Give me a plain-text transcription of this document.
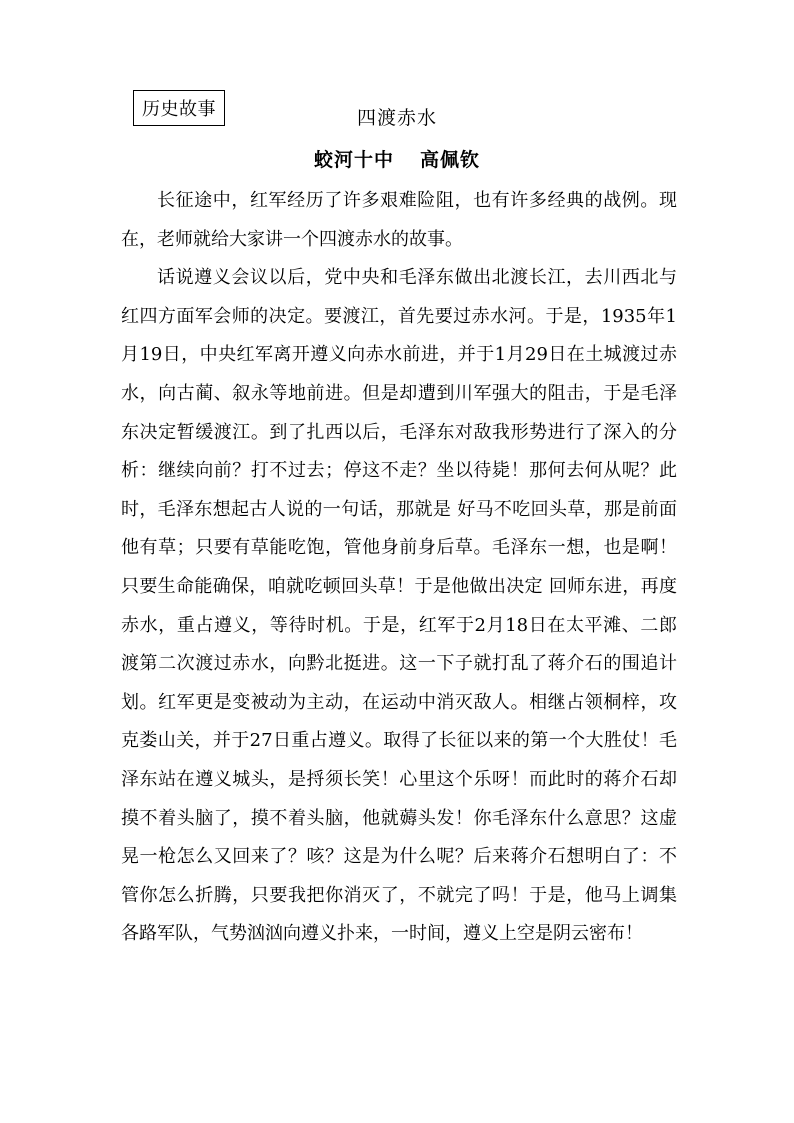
历史故事	四渡赤水
蛟河十中 高佩钦

长征途中，红军经历了许多艰难险阻，也有许多经典的战例。现在，老师就给大家讲一个四渡赤水的故事。

话说遵义会议以后，党中央和毛泽东做出北渡长江，去川西北与红四方面军会师的决定。要渡江，首先要过赤水河。于是，1935年1月19日，中央红军离开遵义向赤水前进，并于1月29日在土城渡过赤水，向古蔺、叙永等地前进。但是却遭到川军强大的阻击，于是毛泽东决定暂缓渡江。到了扎西以后，毛泽东对敌我形势进行了深入的分析：继续向前？打不过去；停这不走？坐以待毙！那何去何从呢？此时，毛泽东想起古人说的一句话，那就是 好马不吃回头草，那是前面他有草；只要有草能吃饱，管他身前身后草。毛泽东一想，也是啊！只要生命能确保，咱就吃顿回头草！于是他做出决定 回师东进，再度赤水，重占遵义，等待时机。于是，红军于2月18日在太平滩、二郎渡第二次渡过赤水，向黔北挺进。这一下子就打乱了蒋介石的围追计划。红军更是变被动为主动，在运动中消灭敌人。相继占领桐梓，攻克娄山关，并于27日重占遵义。取得了长征以来的第一个大胜仗！毛泽东站在遵义城头，是捋须长笑！心里这个乐呀！而此时的蒋介石却摸不着头脑了，摸不着头脑，他就薅头发！你毛泽东什么意思？这虚晃一枪怎么又回来了？咳？这是为什么呢？后来蒋介石想明白了：不管你怎么折腾，只要我把你消灭了，不就完了吗！于是，他马上调集各路军队，气势汹汹向遵义扑来，一时间，遵义上空是阴云密布！
